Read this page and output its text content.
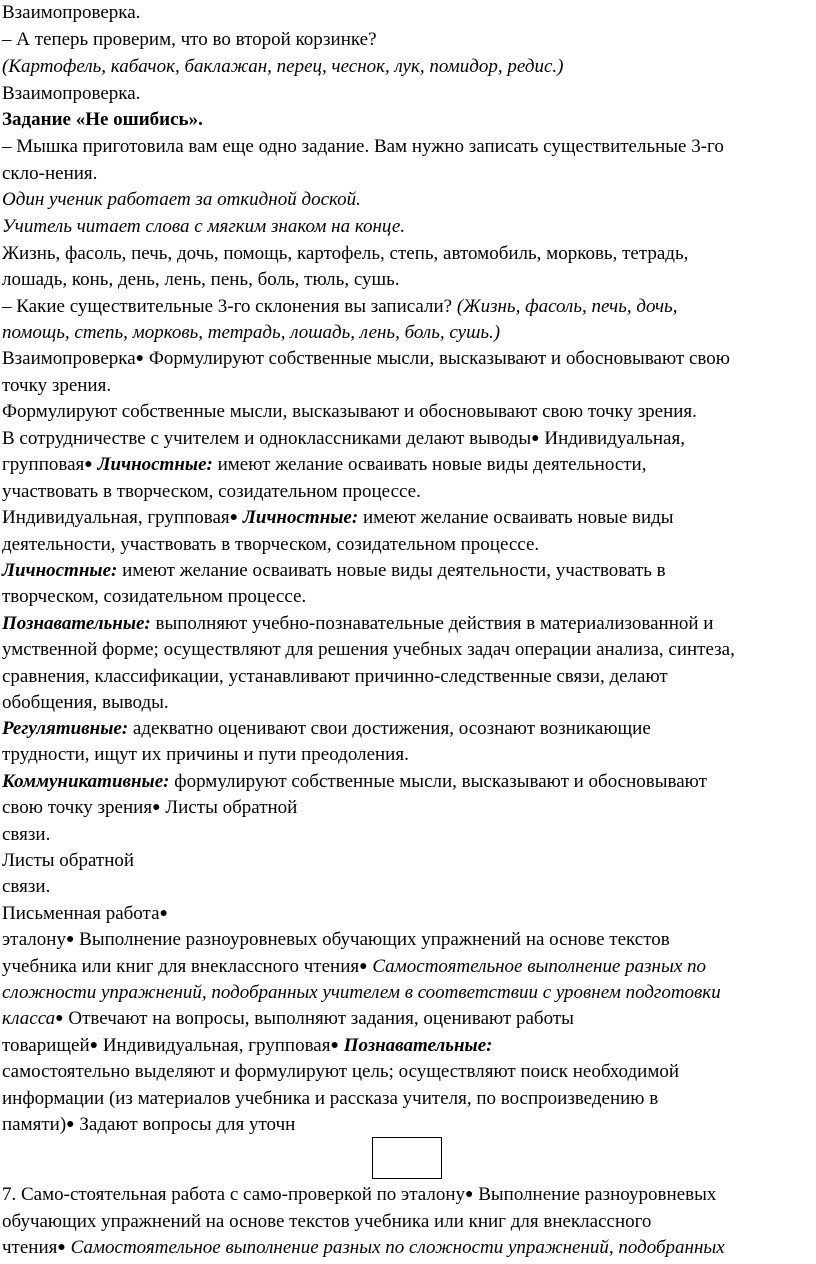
Взаимопроверка.
– А теперь проверим, что во второй корзинке?
(Картофель, кабачок, баклажан, перец, чеснок, лук, помидор, редис.)
Взаимопроверка.
Задание «Не ошибись».
– Мышка приготовила вам еще одно задание. Вам нужно записать существительные 3-го
скло-нения.
Один ученик работает за откидной доской.
Учитель читает слова с мягким знаком на конце.
Жизнь, фасоль, печь, дочь, помощь, картофель, степь, автомобиль, морковь, тетрадь,
лошадь, конь, день, лень, пень, боль, тюль, сушь.
– Какие существительные 3-го склонения вы записали? (Жизнь, фасоль, печь, дочь,
помощь, степь, морковь, тетрадь, лошадь, лень, боль, сушь.)
Взаимопроверка● Формулируют собственные мысли, высказывают и обосновывают свою
точку зрения.
Формулируют собственные мысли, высказывают и обосновывают свою точку зрения.
В сотрудничестве с учителем и одноклассниками делают выводы● Индивидуальная,
групповая● Личностные: имеют желание осваивать новые виды деятельности,
участвовать в творческом, созидательном процессе.
Индивидуальная, групповая● Личностные: имеют желание осваивать новые виды
деятельности, участвовать в творческом, созидательном процессе.
Личностные: имеют желание осваивать новые виды деятельности, участвовать в
творческом, созидательном процессе.
Познавательные: выполняют учебно-познавательные действия в материализованной и
умственной форме; осуществляют для решения учебных задач операции анализа, синтеза,
сравнения, классификации, устанавливают причинно-следственные связи, делают
обобщения, выводы.
Регулятивные: адекватно оценивают свои достижения, осознают возникающие
трудности, ищут их причины и пути преодоления.
Коммуникативные: формулируют собственные мысли, высказывают и обосновывают
свою точку зрения● Листы обратной
связи.
Листы обратной
связи.
Письменная работа●
эталону● Выполнение разноуровневых обучающих упражнений на основе текстов
учебника или книг для внеклассного чтения● Самостоятельное выполнение разных по
сложности упражнений, подобранных учителем в соответствии с уровнем подготовки
класса● Отвечают на вопросы, выполняют задания, оценивают работы
товарищей● Индивидуальная, групповая● Познавательные:
самостоятельно выделяют и формулируют цель; осуществляют поиск необходимой
информации (из материалов учебника и рассказа учителя, по воспроизведению в
памяти)● Задают вопросы для уточн
7. Само-стоятельная работа с само-проверкой по эталону● Выполнение разноуровневых
обучающих упражнений на основе текстов учебника или книг для внеклассного
чтения● Самостоятельное выполнение разных по сложности упражнений, подобранных
